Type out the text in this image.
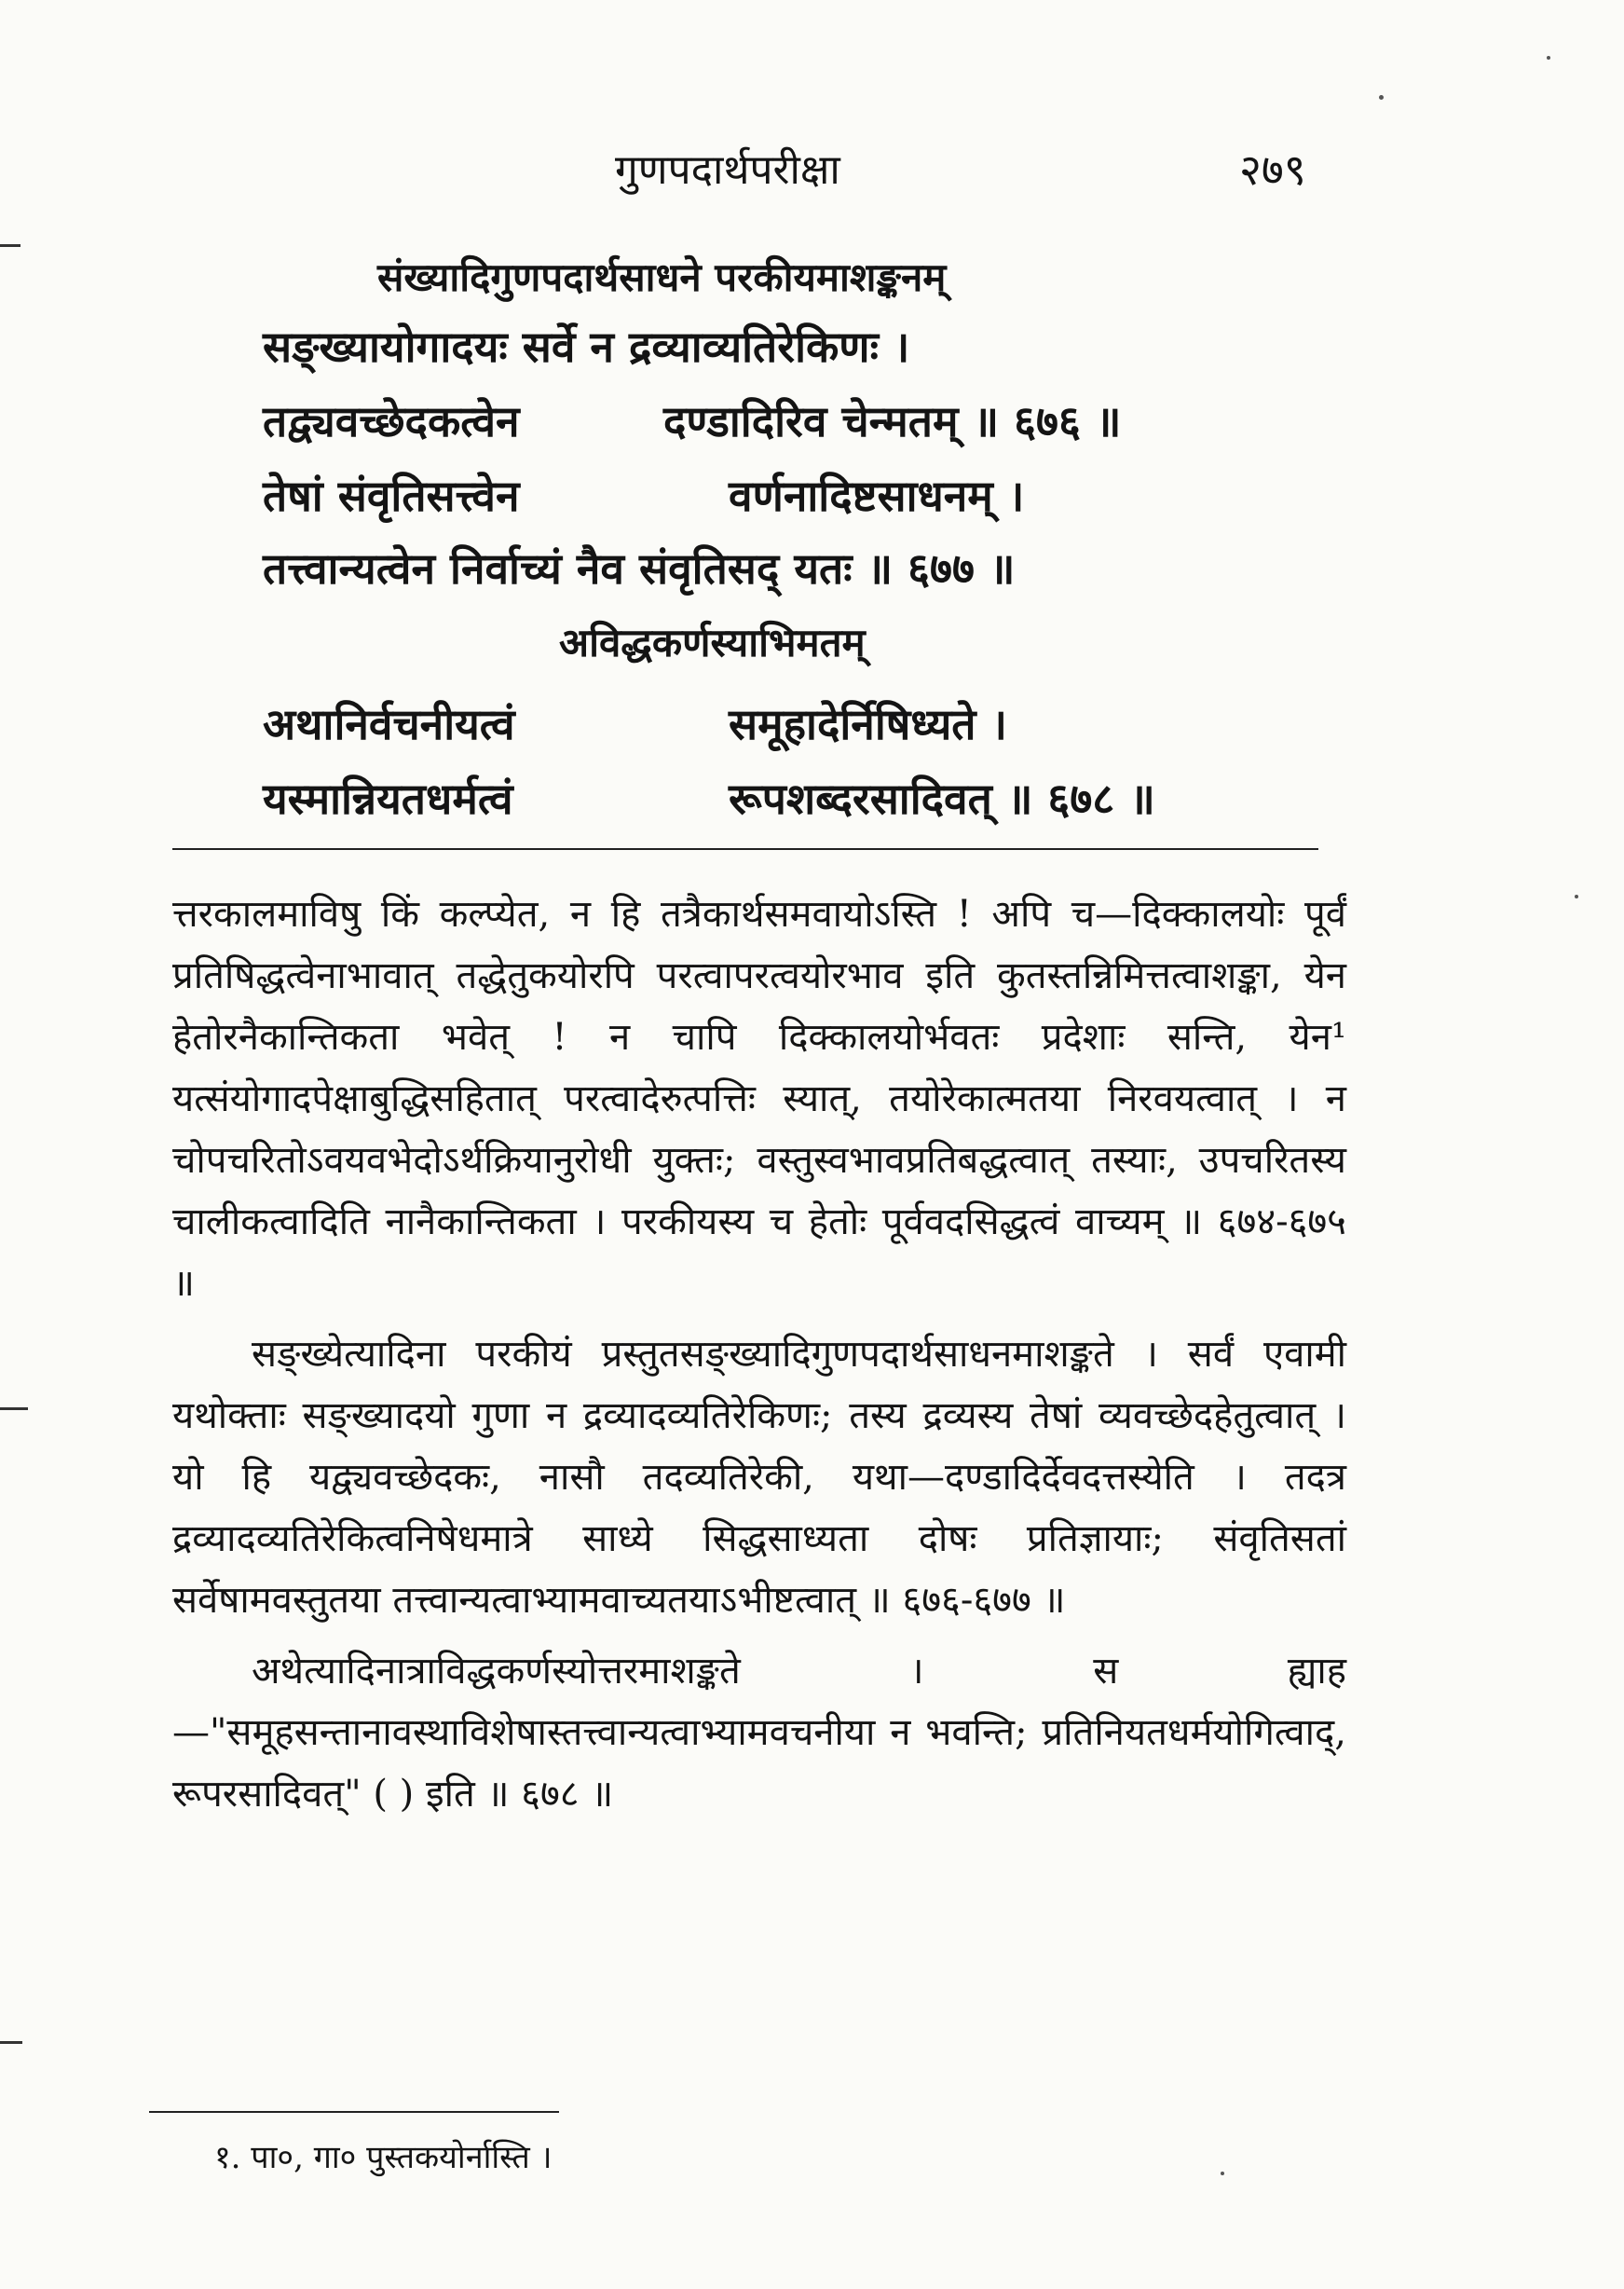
गुणपदार्थपरीक्षा	२७९
संख्यादिगुणपदार्थसाधने परकीयमाशङ्कनम्
सङ्ख्यायोगादयः सर्वे न द्रव्याव्यतिरेकिणः ।
तद्व्यवच्छेदकत्वेन	दण्डादिरिव चेन्मतम् ॥ ६७६ ॥
तेषां संवृतिसत्त्वेन	वर्णनादिष्टसाधनम् ।
तत्त्वान्यत्वेन निर्वाच्यं नैव संवृतिसद् यतः ॥ ६७७ ॥
अविद्धकर्णस्याभिमतम्
अथानिर्वचनीयत्वं	समूहादेर्निषिध्यते ।
यस्मान्नियतधर्मत्वं	रूपशब्दरसादिवत् ॥ ६७८ ॥

त्तरकालमाविषु किं कल्प्येत, न हि तत्रैकार्थसमवायोऽस्ति ! अपि च—दिक्कालयोः पूर्वं प्रतिषिद्धत्वेनाभावात् तद्धेतुकयोरपि परत्वापरत्वयोरभाव इति कुतस्तन्निमित्तत्वाशङ्का, येन हेतोरनैकान्तिकता भवेत् ! न चापि दिक्कालयोर्भवतः प्रदेशाः सन्ति, येन¹ यत्संयोगादपेक्षाबुद्धिसहितात् परत्वादेरुत्पत्तिः स्यात्, तयोरेकात्मतया निरवयत्वात् । न चोपचरितोऽवयवभेदोऽर्थक्रियानुरोधी युक्तः; वस्तुस्वभावप्रतिबद्धत्वात् तस्याः, उपचरितस्य चालीकत्वादिति नानैकान्तिकता । परकीयस्य च हेतोः पूर्ववदसिद्धत्वं वाच्यम् ॥ ६७४-६७५ ॥

सङ्ख्येत्यादिना परकीयं प्रस्तुतसङ्ख्यादिगुणपदार्थसाधनमाशङ्कते । सर्वं एवामी यथोक्ताः सङ्ख्यादयो गुणा न द्रव्यादव्यतिरेकिणः; तस्य द्रव्यस्य तेषां व्यवच्छेदहेतुत्वात् । यो हि यद्व्यवच्छेदकः, नासौ तदव्यतिरेकी, यथा—दण्डादिर्देवदत्तस्येति । तदत्र द्रव्यादव्यतिरेकित्वनिषेधमात्रे साध्ये सिद्धसाध्यता दोषः प्रतिज्ञायाः; संवृतिसतां सर्वेषामवस्तुतया तत्त्वान्यत्वाभ्यामवाच्यतयाऽभीष्टत्वात् ॥ ६७६-६७७ ॥

अथेत्यादिनात्राविद्धकर्णस्योत्तरमाशङ्कते । स ह्याह—"समूहसन्तानावस्थाविशेषास्तत्त्वान्यत्वाभ्यामवचनीया न भवन्ति; प्रतिनियतधर्मयोगित्वाद्, रूपरसादिवत्" ( ) इति ॥ ६७८ ॥

१. पा०, गा० पुस्तकयोर्नास्ति ।
